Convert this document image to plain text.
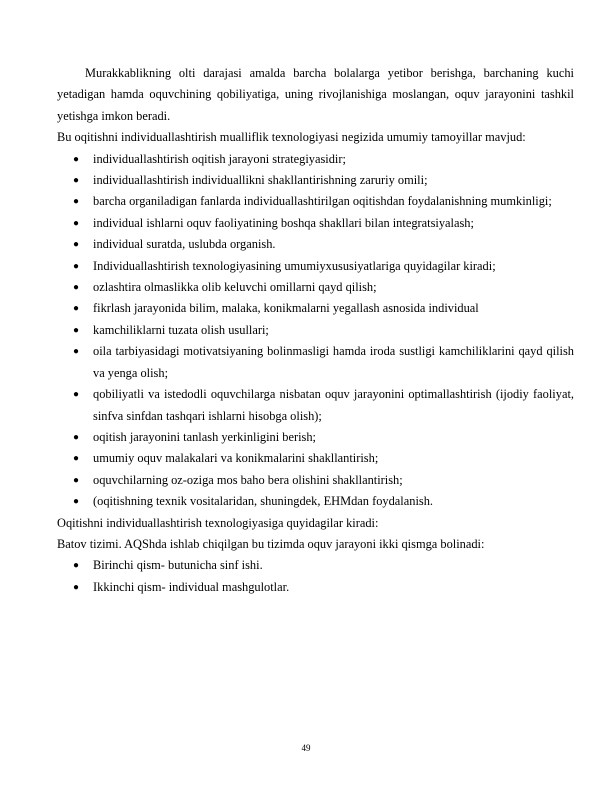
Murakkablikning olti darajasi amalda barcha bolalarga yetibor berishga, barchaning kuchi yetadigan hamda oquvchining qobiliyatiga, uning rivojlanishiga moslangan, oquv jarayonini tashkil yetishga imkon beradi.

Bu oqitishni individuallashtirish mualliflik texnologiyasi negizida umumiy tamoyillar mavjud:

● individuallashtirish oqitish jarayoni strategiyasidir;
● individuallashtirish individuallikni shakllantirishning zaruriy omili;
● barcha organiladigan fanlarda individuallashtirilgan oqitishdan foydalanishning mumkinligi;
● individual ishlarni oquv faoliyatining boshqa shakllari bilan integratsiyalash;
● individual suratda, uslubda organish.
● Individuallashtirish texnologiyasining umumiyxususiyatlariga quyidagilar kiradi;
● ozlashtira olmaslikka olib keluvchi omillarni qayd qilish;
● fikrlash jarayonida bilim, malaka, konikmalarni yegallash asnosida individual
● kamchiliklarni tuzata olish usullari;
● oila tarbiyasidagi motivatsiyaning bolinmasligi hamda iroda sustligi kamchiliklarini qayd qilish va yenga olish;
● qobiliyatli va istedodli oquvchilarga nisbatan oquv jarayonini optimallashtirish (ijodiy faoliyat, sinfva sinfdan tashqari ishlarni hisobga olish);
● oqitish jarayonini tanlash yerkinligini berish;
● umumiy oquv malakalari va konikmalarini shakllantirish;
● oquvchilarning oz-oziga mos baho bera olishini shakllantirish;
● (oqitishning texnik vositalaridan, shuningdek, EHMdan foydalanish.

Oqitishni individuallashtirish texnologiyasiga quyidagilar kiradi:

Batov tizimi. AQShda ishlab chiqilgan bu tizimda oquv jarayoni ikki qismga bolinadi:

● Birinchi qism- butunicha sinf ishi.
● Ikkinchi qism- individual mashgulotlar.
49
